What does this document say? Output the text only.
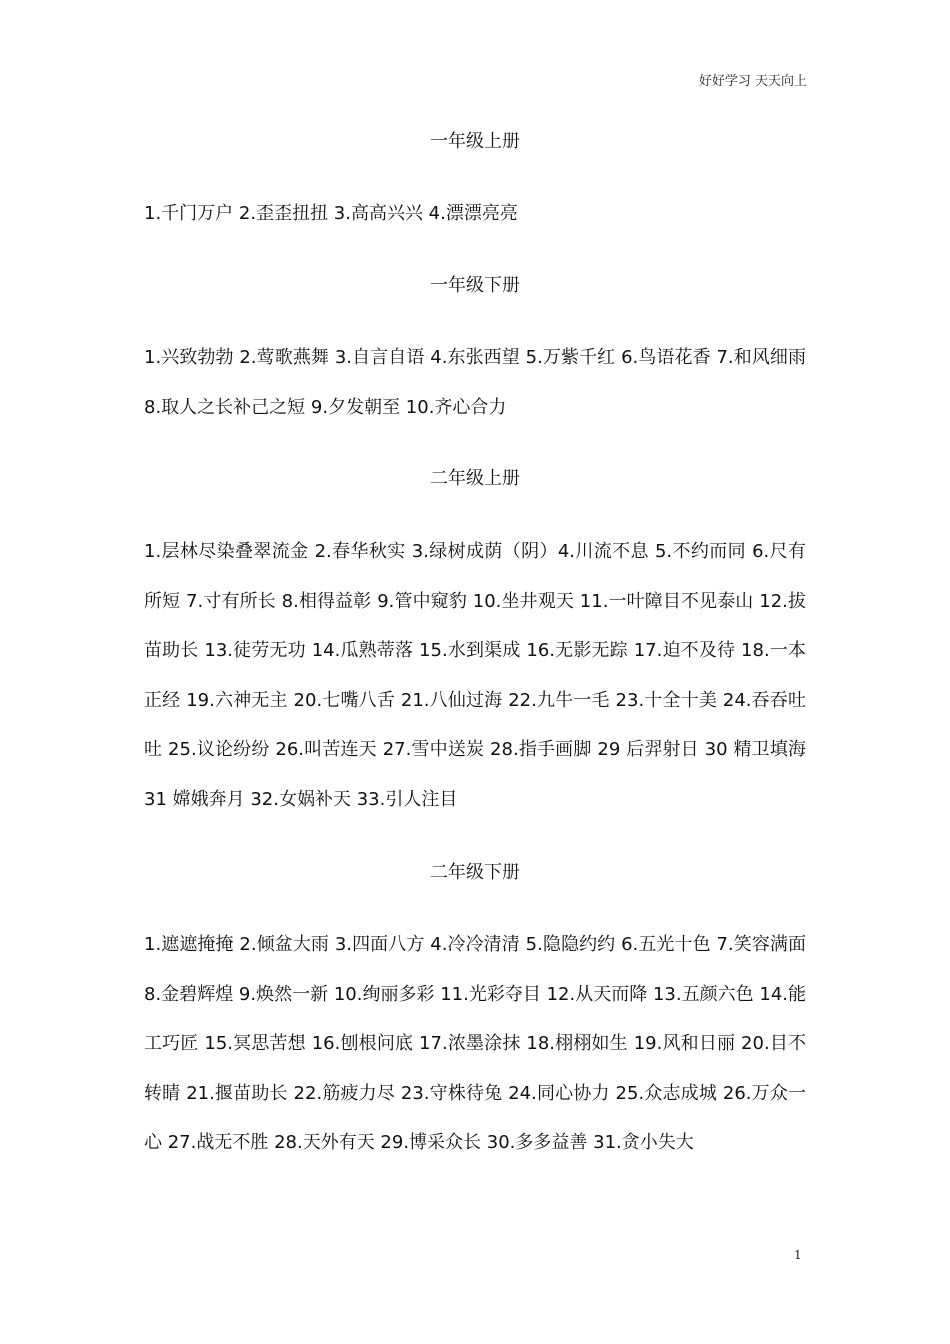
好好学习 天天向上
一年级上册

1.千门万户 2.歪歪扭扭 3.高高兴兴 4.漂漂亮亮

一年级下册

1.兴致勃勃 2.莺歌燕舞 3.自言自语 4.东张西望 5.万紫千红 6.鸟语花香 7.和风细雨 8.取人之长补己之短 9.夕发朝至 10.齐心合力

二年级上册

1.层林尽染叠翠流金 2.春华秋实 3.绿树成荫（阴）4.川流不息 5.不约而同 6.尺有所短 7.寸有所长 8.相得益彰 9.管中窥豹 10.坐井观天 11.一叶障目不见泰山 12.拔苗助长 13.徒劳无功 14.瓜熟蒂落 15.水到渠成 16.无影无踪 17.迫不及待 18.一本正经 19.六神无主 20.七嘴八舌 21.八仙过海 22.九牛一毛 23.十全十美 24.吞吞吐吐 25.议论纷纷 26.叫苦连天 27.雪中送炭 28.指手画脚 29 后羿射日 30 精卫填海 31 嫦娥奔月 32.女娲补天 33.引人注目

二年级下册

1.遮遮掩掩 2.倾盆大雨 3.四面八方 4.冷冷清清 5.隐隐约约 6.五光十色 7.笑容满面 8.金碧辉煌 9.焕然一新 10.绚丽多彩 11.光彩夺目 12.从天而降 13.五颜六色 14.能工巧匠 15.冥思苦想 16.刨根问底 17.浓墨涂抹 18.栩栩如生 19.风和日丽 20.目不转睛 21.揠苗助长 22.筋疲力尽 23.守株待兔 24.同心协力 25.众志成城 26.万众一心 27.战无不胜 28.天外有天 29.博采众长 30.多多益善 31.贪小失大

1
